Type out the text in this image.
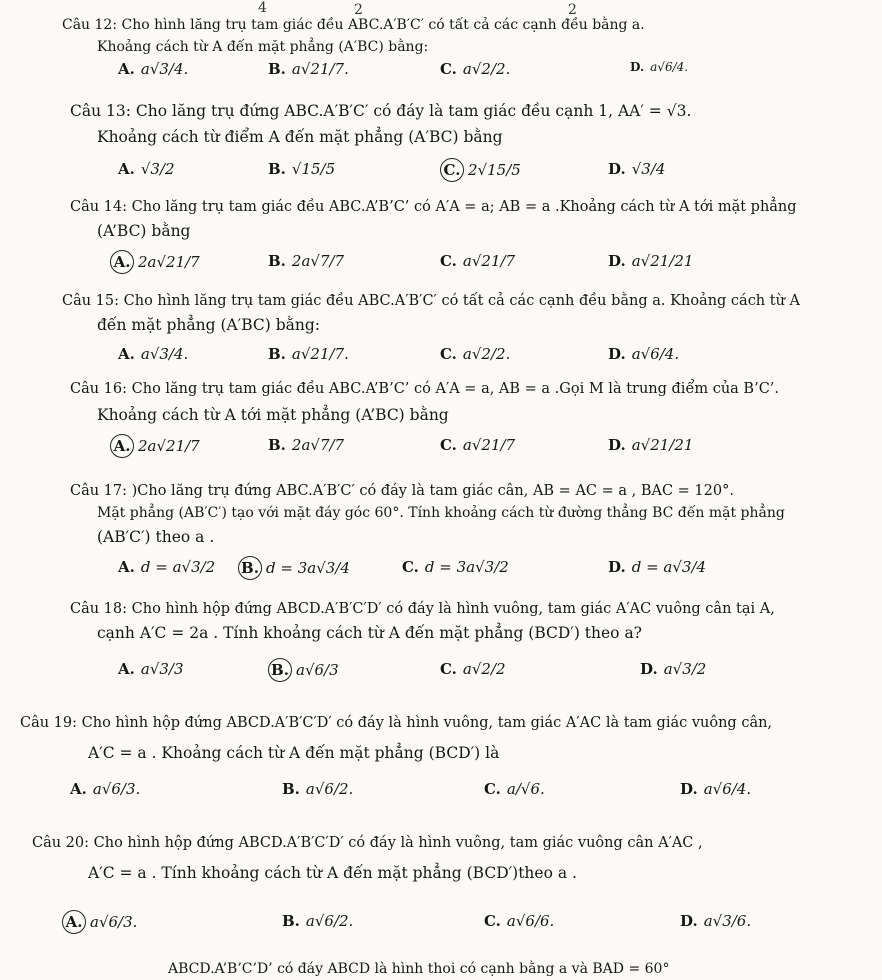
4	2	2
Câu 12: Cho hình lăng trụ tam giác đều ABC.A′B′C′ có tất cả các cạnh đều bằng a.
Khoảng cách từ A đến mặt phẳng (A′BC) bằng:
A. a√3/4.	B. a√21/7.	C. a√2/2.	D. a√6/4.
Câu 13: Cho lăng trụ đứng ABC.A′B′C′ có đáy là tam giác đều cạnh 1, AA′ = √3.
Khoảng cách từ điểm A đến mặt phẳng (A′BC) bằng
A. √3/2	B. √15/5	C. 2√15/5	D. √3/4
Câu 14: Cho lăng trụ tam giác đều ABC.A’B’C’ có A′A = a; AB = a .Khoảng cách từ A tới mặt phẳng
(A’BC) bằng
A. 2a√21/7	B. 2a√7/7	C. a√21/7	D. a√21/21
Câu 15: Cho hình lăng trụ tam giác đều ABC.A′B′C′ có tất cả các cạnh đều bằng a. Khoảng cách từ A
đến mặt phẳng (A′BC) bằng:
A. a√3/4.	B. a√21/7.	C. a√2/2.	D. a√6/4.
Câu 16: Cho lăng trụ tam giác đều ABC.A’B’C’ có A′A = a, AB = a .Gọi M là trung điểm của B’C’.
Khoảng cách từ A tới mặt phẳng (A’BC) bằng
A. 2a√21/7	B. 2a√7/7	C. a√21/7	D. a√21/21
Câu 17: )Cho lăng trụ đứng ABC.A′B′C′ có đáy là tam giác cân, AB = AC = a , BAC = 120°.
Mặt phẳng (AB′C′) tạo với mặt đáy góc 60°. Tính khoảng cách từ đường thẳng BC đến mặt phẳng
(AB′C′) theo a .
A. d = a√3/2 B. d = 3a√3/4	C. d = 3a√3/2	D. d = a√3/4
Câu 18: Cho hình hộp đứng ABCD.A′B′C′D′ có đáy là hình vuông, tam giác A′AC vuông cân tại A,
cạnh A′C = 2a . Tính khoảng cách từ A đến mặt phẳng (BCD′) theo a?
A. a√3/3	B. a√6/3	C. a√2/2	D. a√3/2
Câu 19: Cho hình hộp đứng ABCD.A′B′C′D′ có đáy là hình vuông, tam giác A′AC là tam giác vuông cân,
A′C = a . Khoảng cách từ A đến mặt phẳng (BCD′) là
A. a√6/3.	B. a√6/2.	C. a/√6.	D. a√6/4.
Câu 20: Cho hình hộp đứng ABCD.A′B′C′D′ có đáy là hình vuông, tam giác vuông cân A′AC ,
A′C = a . Tính khoảng cách từ A đến mặt phẳng (BCD′)theo a .
A. a√6/3.	B. a√6/2.	C. a√6/6.	D. a√3/6.
ABCD.A’B’C’D’ có đáy ABCD là hình thoi có cạnh bằng a và BAD = 60°
